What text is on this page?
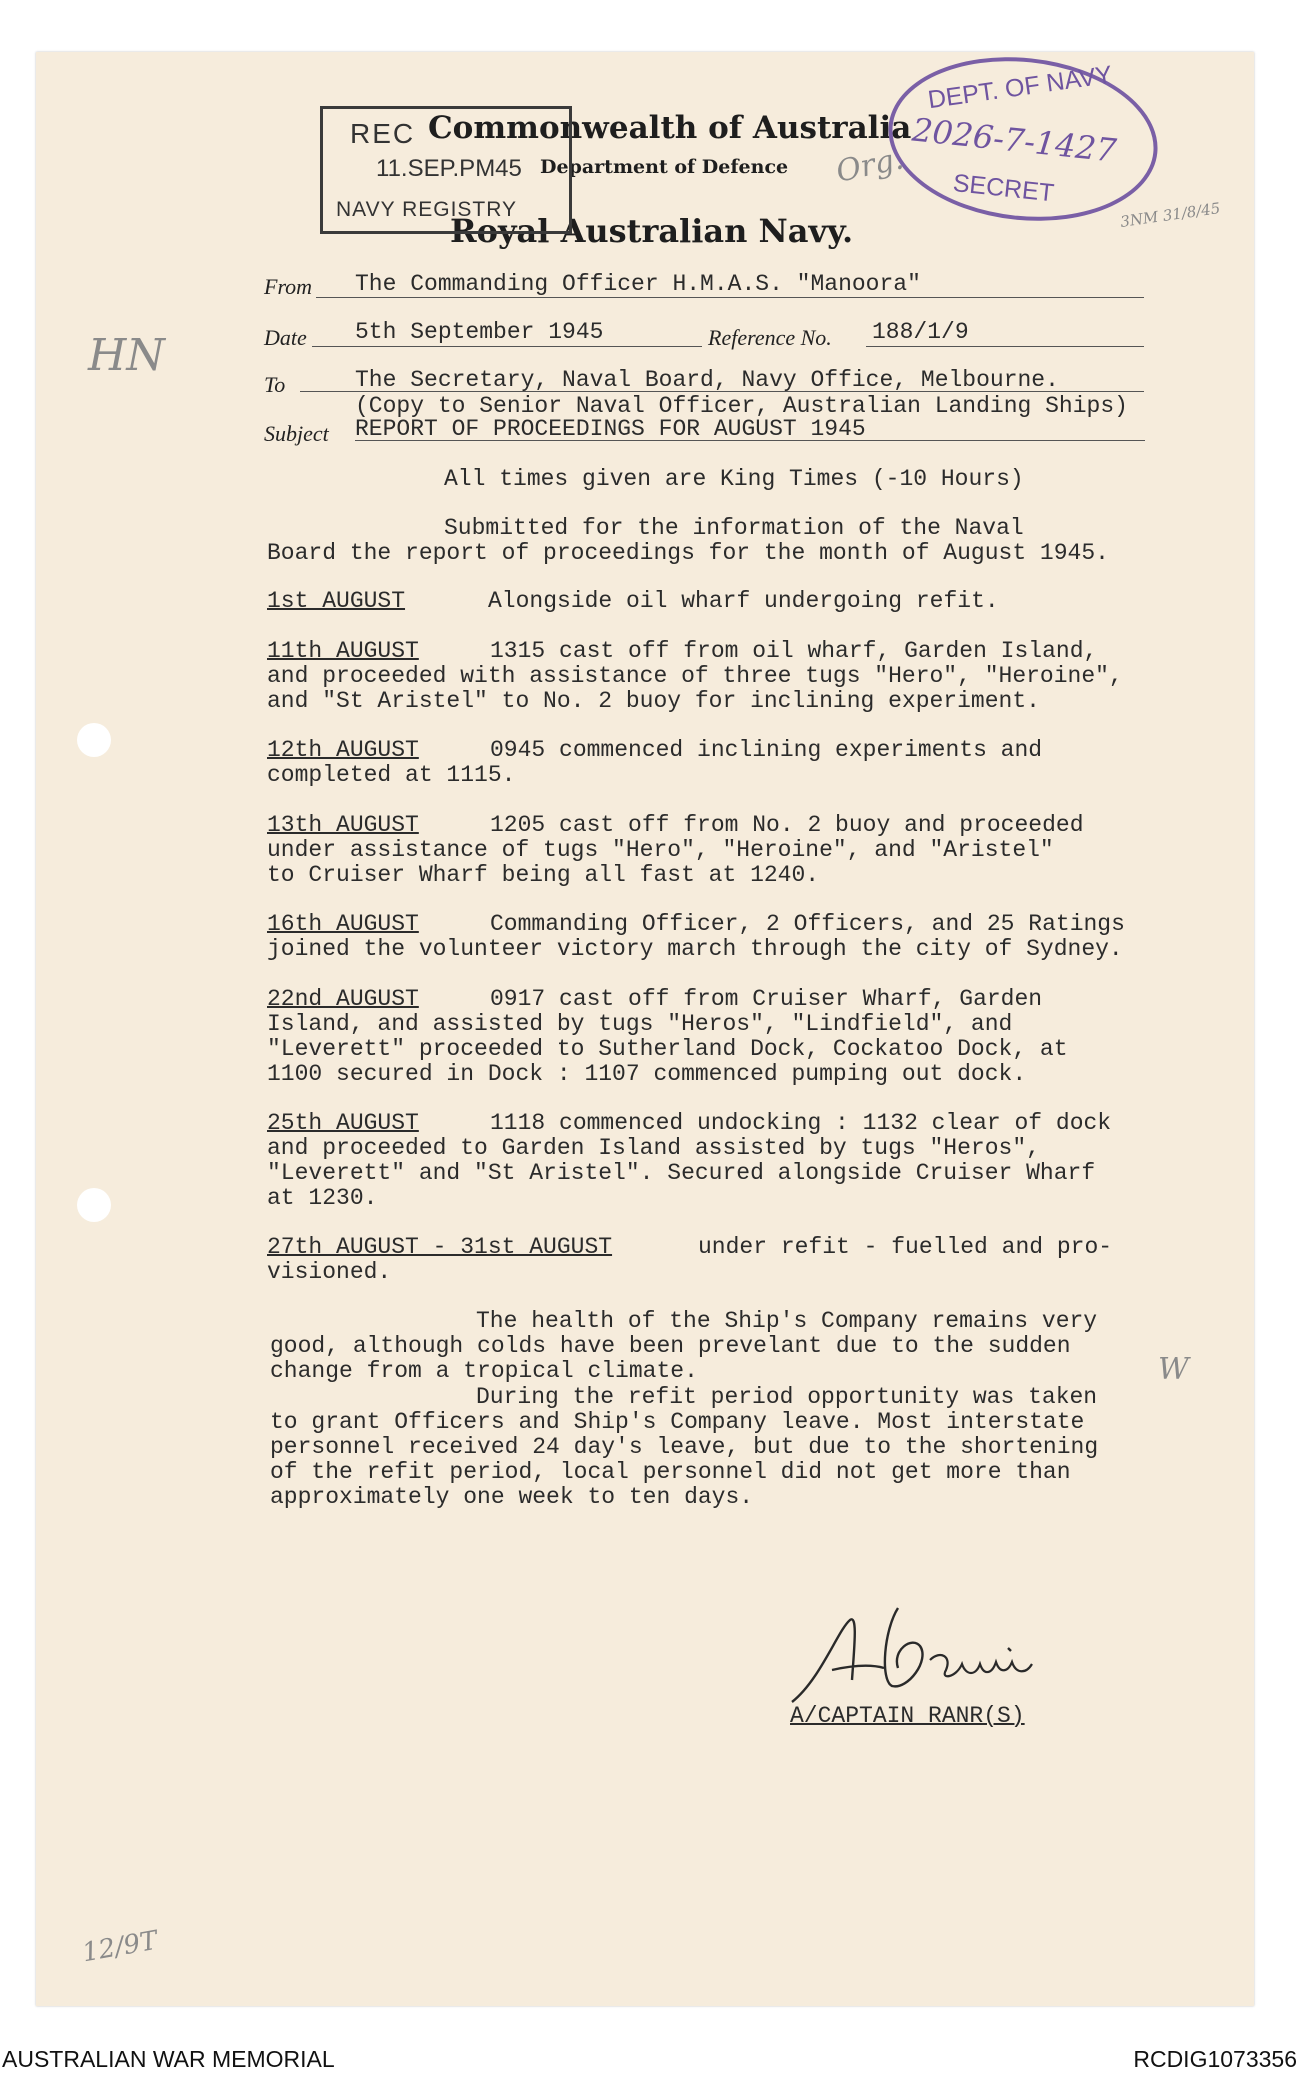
Commonwealth of Australia
Department of Defence
Royal Australian Navy.
REC
11.SEP.PM45
NAVY REGISTRY
DEPT. OF NAVY
2026-7-1427
SECRET
Org.
3NM 31/8/45
HN
W
12/9T
From The Commanding Officer H.M.A.S. "Manoora"
Date 5th September 1945	Reference No. 188/1/9
To	The Secretary, Naval Board, Navy Office, Melbourne.
(Copy to Senior Naval Officer, Australian Landing Ships)
Subject REPORT OF PROCEEDINGS FOR AUGUST 1945
All times given are King Times (-10 Hours)
Submitted for the information of the Naval
Board the report of proceedings for the month of August 1945.
1st AUGUST	Alongside oil wharf undergoing refit.
11th AUGUST	1315 cast off from oil wharf, Garden Island,
and proceeded with assistance of three tugs "Hero", "Heroine",
and "St Aristel" to No. 2 buoy for inclining experiment.
12th AUGUST	0945 commenced inclining experiments and
completed at 1115.
13th AUGUST	1205 cast off from No. 2 buoy and proceeded
under assistance of tugs "Hero", "Heroine", and "Aristel"
to Cruiser Wharf being all fast at 1240.
16th AUGUST	Commanding Officer, 2 Officers, and 25 Ratings
joined the volunteer victory march through the city of Sydney.
22nd AUGUST	0917 cast off from Cruiser Wharf, Garden
Island, and assisted by tugs "Heros", "Lindfield", and
"Leverett" proceeded to Sutherland Dock, Cockatoo Dock, at
1100 secured in Dock : 1107 commenced pumping out dock.
25th AUGUST	1118 commenced undocking : 1132 clear of dock
and proceeded to Garden Island assisted by tugs "Heros",
"Leverett" and "St Aristel". Secured alongside Cruiser Wharf
at 1230.
27th AUGUST - 31st AUGUST	under refit - fuelled and pro-
visioned.
The health of the Ship's Company remains very
good, although colds have been prevelant due to the sudden
change from a tropical climate.
During the refit period opportunity was taken
to grant Officers and Ship's Company leave. Most interstate
personnel received 24 day's leave, but due to the shortening
of the refit period, local personnel did not get more than
approximately one week to ten days.
A/CAPTAIN RANR(S)
AUSTRALIAN WAR MEMORIAL	RCDIG1073356
